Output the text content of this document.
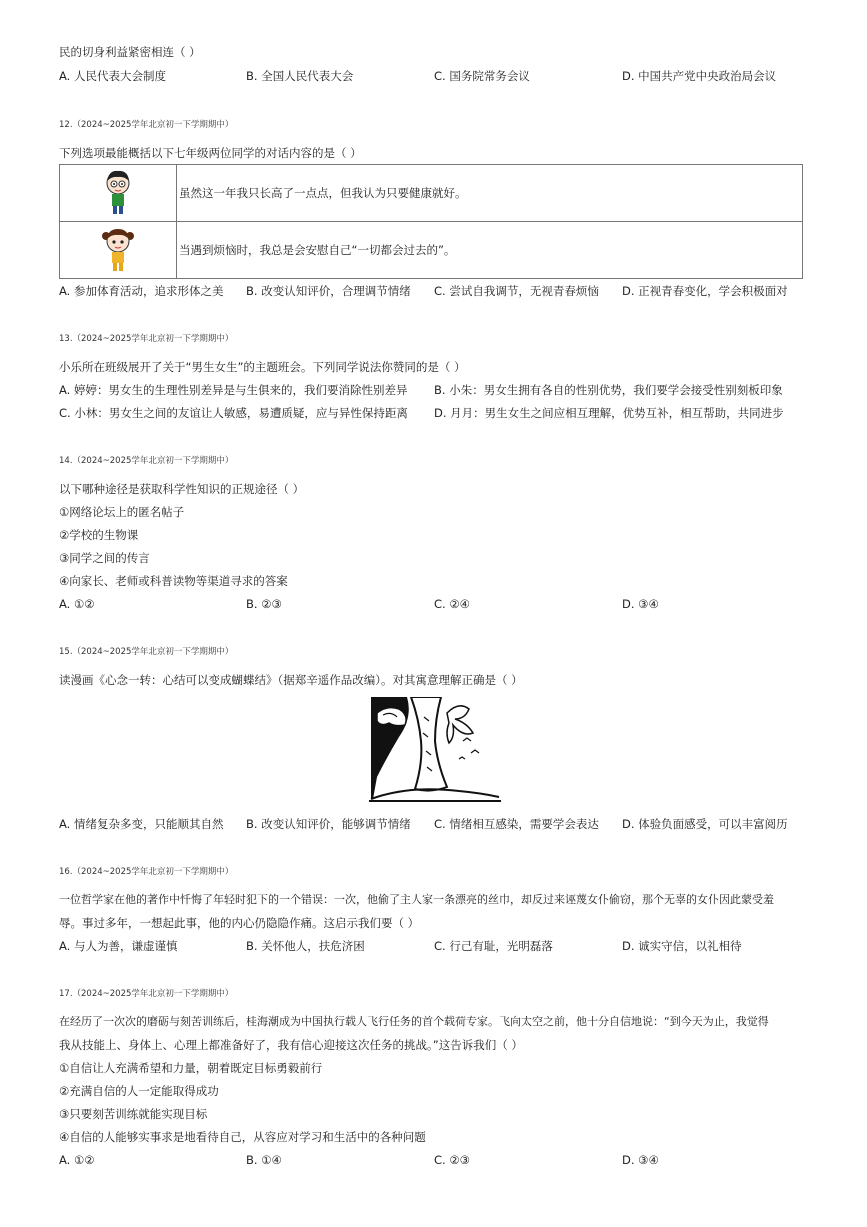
民的切身利益紧密相连（ ）
A. 人民代表大会制度	B. 全国人民代表大会	C. 国务院常务会议	D. 中国共产党中央政治局会议
12.（2024~2025学年北京初一下学期期中）
下列选项最能概括以下七年级两位同学的对话内容的是（ ）
	虽然这一年我只长高了一点点，但我认为只要健康就好。

	当遇到烦恼时，我总是会安慰自己“一切都会过去的”。
A. 参加体育活动，追求形体之美 B. 改变认知评价，合理调节情绪 C. 尝试自我调节，无视青春烦恼 D. 正视青春变化，学会积极面对
13.（2024~2025学年北京初一下学期期中）
小乐所在班级展开了关于“男生女生”的主题班会。下列同学说法你赞同的是（ ）
A. 婷婷：男女生的生理性别差异是与生俱来的，我们要消除性别差异 B. 小朱：男女生拥有各自的性别优势，我们要学会接受性别刻板印象
C. 小林：男女生之间的友谊让人敏感，易遭质疑，应与异性保持距离 D. 月月：男生女生之间应相互理解，优势互补，相互帮助，共同进步
14.（2024~2025学年北京初一下学期期中）
以下哪种途径是获取科学性知识的正规途径（ ）
①网络论坛上的匿名帖子
②学校的生物课
③同学之间的传言
④向家长、老师或科普读物等渠道寻求的答案
A. ①②	B. ②③	C. ②④	D. ③④
15.（2024~2025学年北京初一下学期期中）
读漫画《心念一转：心结可以变成蝴蝶结》（据郑辛遥作品改编）。对其寓意理解正确是（ ）
A. 情绪复杂多变，只能顺其自然 B. 改变认知评价，能够调节情绪 C. 情绪相互感染，需要学会表达 D. 体验负面感受，可以丰富阅历
16.（2024~2025学年北京初一下学期期中）
一位哲学家在他的著作中忏悔了年轻时犯下的一个错误：一次，他偷了主人家一条漂亮的丝巾，却反过来诬蔑女仆偷窃，那个无辜的女仆因此蒙受羞
辱。事过多年，一想起此事，他的内心仍隐隐作痛。这启示我们要（ ）
A. 与人为善，谦虚谨慎	B. 关怀他人，扶危济困	C. 行己有耻，光明磊落	D. 诚实守信，以礼相待
17.（2024~2025学年北京初一下学期期中）
在经历了一次次的磨砺与刻苦训练后，桂海潮成为中国执行载人飞行任务的首个载荷专家。飞向太空之前，他十分自信地说：“到今天为止，我觉得
我从技能上、身体上、心理上都准备好了，我有信心迎接这次任务的挑战。”这告诉我们（ ）
①自信让人充满希望和力量，朝着既定目标勇毅前行
②充满自信的人一定能取得成功
③只要刻苦训练就能实现目标
④自信的人能够实事求是地看待自己，从容应对学习和生活中的各种问题
A. ①②	B. ①④	C. ②③	D. ③④
